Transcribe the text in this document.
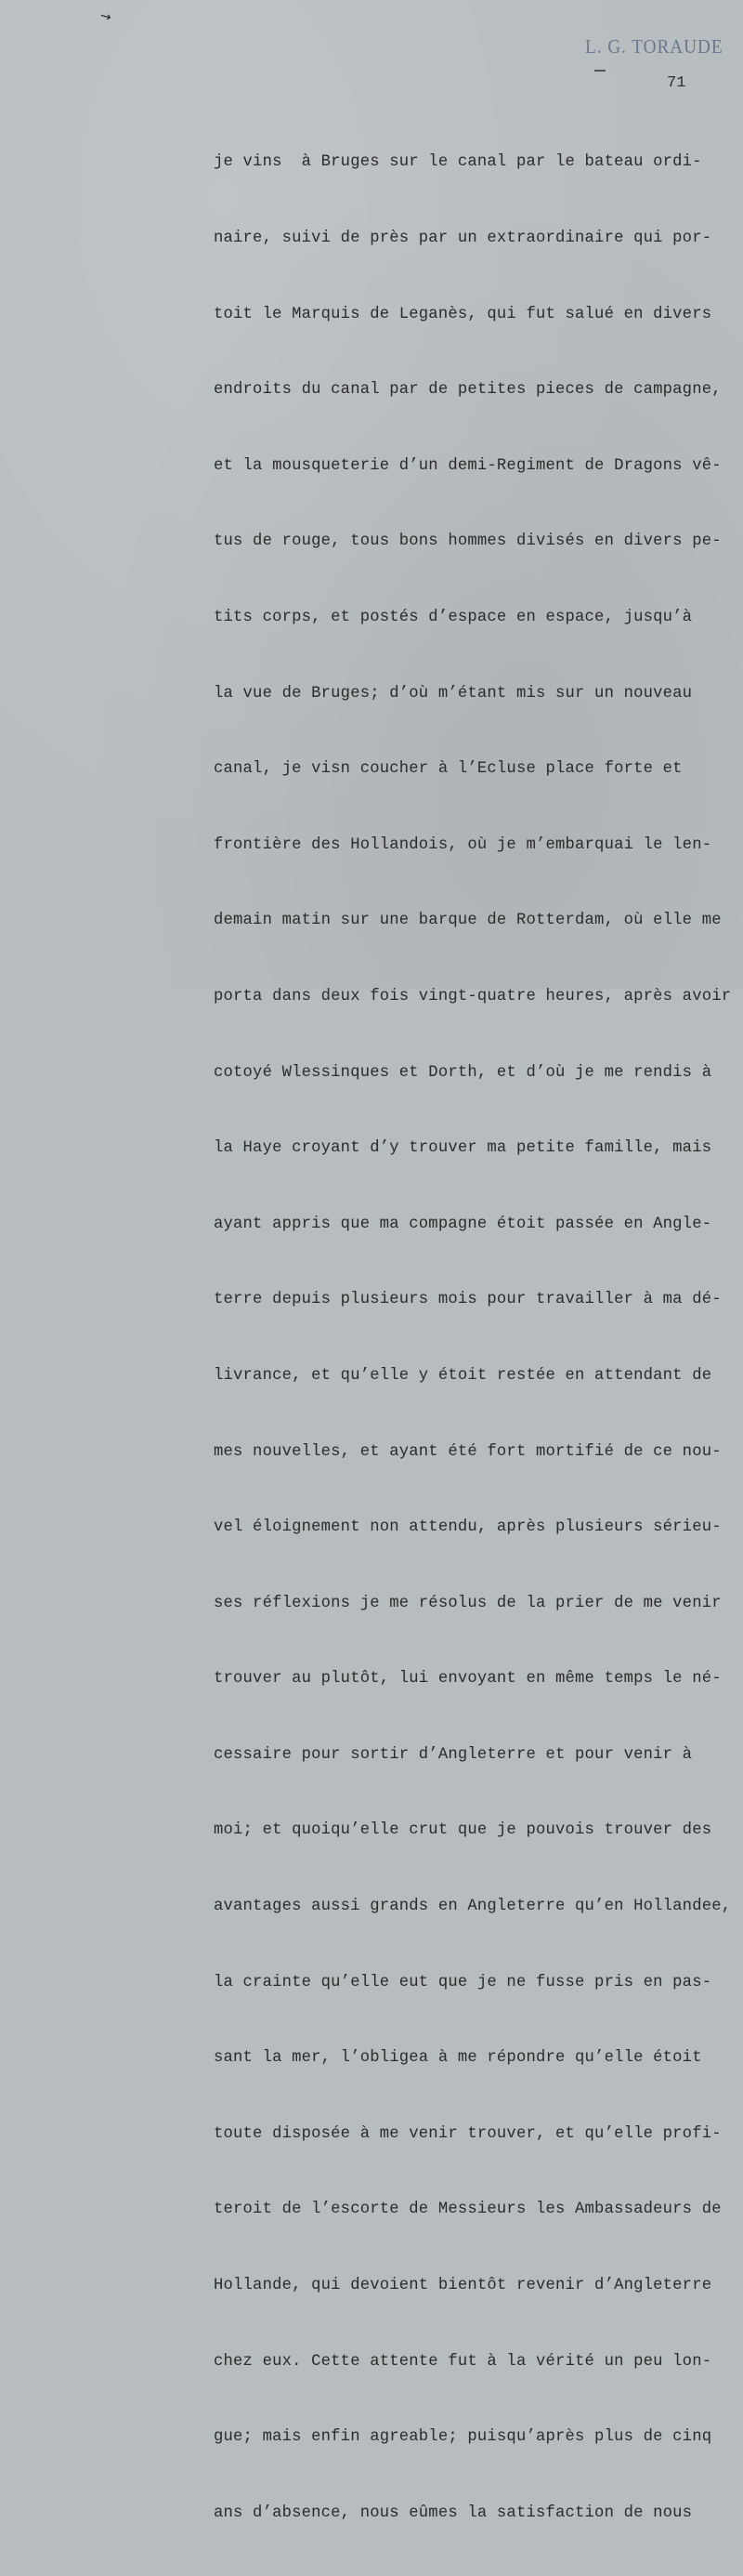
↘
L. G. TORAUDE
71

je vins  à Bruges sur le canal par le bateau ordi-

naire, suivi de près par un extraordinaire qui por-

toit le Marquis de Leganès, qui fut salué en divers

endroits du canal par de petites pieces de campagne,

et la mousqueterie d’un demi-Regiment de Dragons vê-

tus de rouge, tous bons hommes divisés en divers pe-

tits corps, et postés d’espace en espace, jusqu’à

la vue de Bruges; d’où m’étant mis sur un nouveau

canal, je visn coucher à l’Ecluse place forte et

frontière des Hollandois, où je m’embarquai le len-

demain matin sur une barque de Rotterdam, où elle me

porta dans deux fois vingt-quatre heures, après avoir

cotoyé Wlessinques et Dorth, et d’où je me rendis à

la Haye croyant d’y trouver ma petite famille, mais

ayant appris que ma compagne étoit passée en Angle-

terre depuis plusieurs mois pour travailler à ma dé-

livrance, et qu’elle y étoit restée en attendant de

mes nouvelles, et ayant été fort mortifié de ce nou-

vel éloignement non attendu, après plusieurs sérieu-

ses réflexions je me résolus de la prier de me venir

trouver au plutôt, lui envoyant en même temps le né-

cessaire pour sortir d’Angleterre et pour venir à

moi; et quoiqu’elle crut que je pouvois trouver des

avantages aussi grands en Angleterre qu’en Hollandee,

la crainte qu’elle eut que je ne fusse pris en pas-

sant la mer, l’obligea à me répondre qu’elle étoit

toute disposée à me venir trouver, et qu’elle profi-

teroit de l’escorte de Messieurs les Ambassadeurs de

Hollande, qui devoient bientôt revenir d’Angleterre

chez eux. Cette attente fut à la vérité un peu lon-

gue; mais enfin agreable; puisqu’après plus de cinq

ans d’absence, nous eûmes la satisfaction de nous
